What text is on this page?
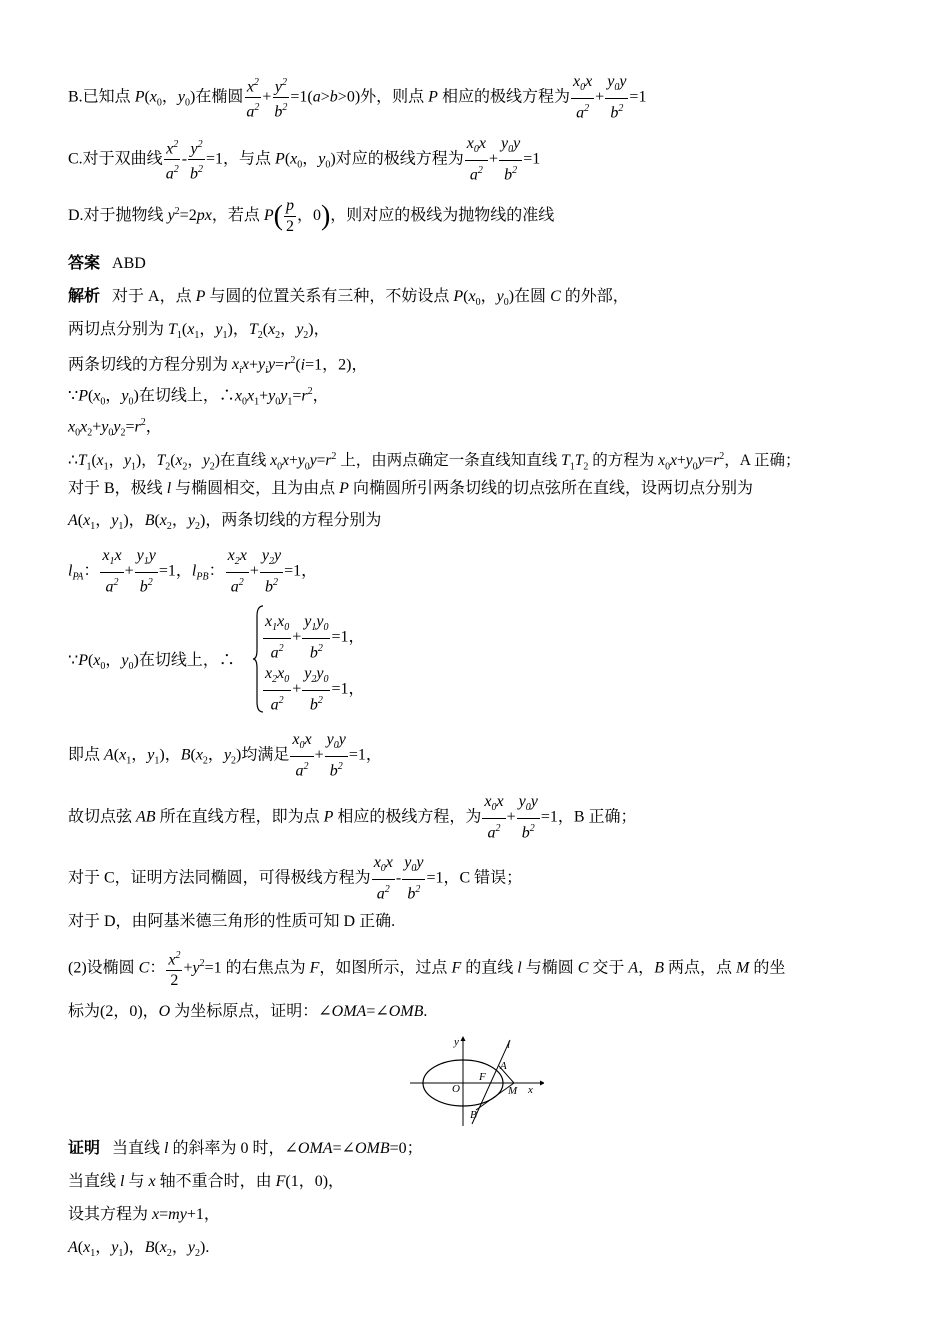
B.已知点 $P(x_0$，$y_0$)在椭圆 $\frac{x^2}{a^2} + \frac{y^2}{b^2} =1(a>b>0)$外，则点 P 相应的极线方程为 $\frac{x_0x}{a^2} + \frac{y_0y}{b^2} =1$
C.对于双曲线 $\frac{x^2}{a^2} - \frac{y^2}{b^2} =1$，与点 $P(x_0$，$y_0$)对应的极线方程为 $\frac{x_0x}{a^2} + \frac{y_0y}{b^2} =1$
D.对于抛物线 $y^2=2px$，若点 $P( \frac{p}{2}$ ，0)，则对应的极线为抛物线的准线
答案 ABD
解析   对于 A，点 P 与圆的位置关系有三种，不妨设点 $P(x_0$，$y_0$)在圆 C 的外部，
两切点分别为 $T_1(x_1$，$y_1$)，$T_2(x_2$，$y_2$)，
两条切线的方程分别为 $x_ix+y_iy=r^2(i=1$，2)，
$\because P(x_0$，$y_0$)在切线上，$\therefore x_0x_1+y_0y_1=r^2$，
$x_0x_2+y_0y_2=r^2$，
$\therefore T_1(x_1$，$y_1$)，$T_2(x_2$，$y_2$)在直线 $x_0x+y_0y=r^2$ 上，由两点确定一条直线知直线 $T_1T_2$ 的方程为 $x_0x+y_0y=r^2$，A 正确；
对于 B，极线 l 与椭圆相交，且为由点 P 向椭圆所引两条切线的切点弦所在直线，设两切点分别为
$A(x_1$，$y_1$)，$B(x_2$，$y_2$)，两条切线的方程分别为
$l_{PA}$： $\frac{x_1x}{a^2} + \frac{y_1y}{b^2} =1$，$l_{PB}$： $\frac{x_2x}{a^2} + \frac{y_2y}{b^2} =1$，
$\because P(x_0$，$y_0$)在切线上，∴ $\frac{x_1x_0}{a^2} + \frac{y_1y_0}{b^2} =1$，
$\frac{x_2x_0}{a^2} + \frac{y_2y_0}{b^2} =1$，
即点 $A(x_1$，$y_1$)，$B(x_2$，$y_2$)均满足 $\frac{x_0x}{a^2} + \frac{y_0y}{b^2} =1$，
故切点弦 AB 所在直线方程，即为点 P 相应的极线方程，为 $\frac{x_0x}{a^2} + \frac{y_0y}{b^2} =1$，B 正确；
对于 C，证明方法同椭圆，可得极线方程为 $\frac{x_0x}{a^2} - \frac{y_0y}{b^2} =1$，C 错误；
对于 D，由阿基米德三角形的性质可知 D 正确.
(2)设椭圆 C： $\frac{x^2}{2} +y^2=1$ 的右焦点为 F，如图所示，过点 F 的直线 l 与椭圆 C 交于 A，B 两点，点 M 的坐
标为(2，0)，O 为坐标原点，证明：∠OMA=∠OMB.
y
x
l
A
F
O	M
B
证明   当直线 l 的斜率为 0 时，∠OMA=∠OMB=0；
当直线 l 与 x 轴不重合时，由 F(1，0)，
设其方程为 x=my+1，
$A(x_1$，$y_1$)，$B(x_2$，$y_2$).
